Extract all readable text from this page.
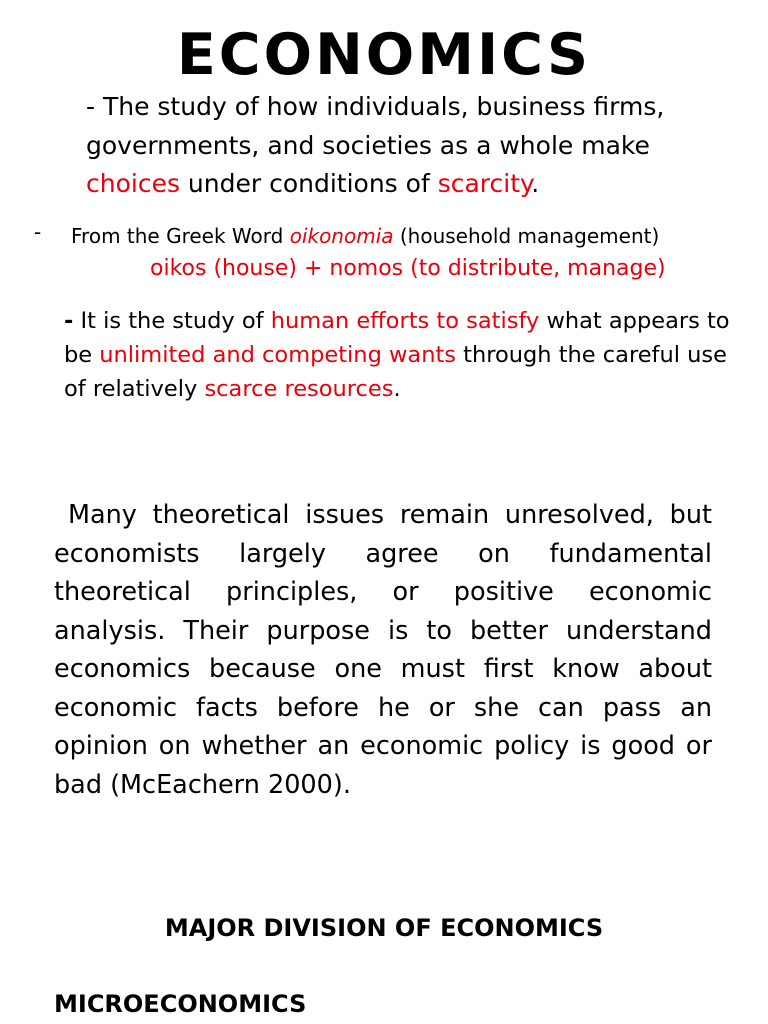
ECONOMICS
- The study of how individuals, business firms, governments, and societies as a whole make choices under conditions of scarcity.
- From the Greek Word oikonomia (household management)
oikos (house) + nomos (to distribute, manage)
- It is the study of human efforts to satisfy what appears to be unlimited and competing wants through the careful use of relatively scarce resources.
Many theoretical issues remain unresolved, but economists largely agree on fundamental theoretical principles, or positive economic analysis. Their purpose is to better understand economics because one must first know about economic facts before he or she can pass an opinion on whether an economic policy is good or bad (McEachern 2000).
MAJOR DIVISION OF ECONOMICS
MICROECONOMICS
